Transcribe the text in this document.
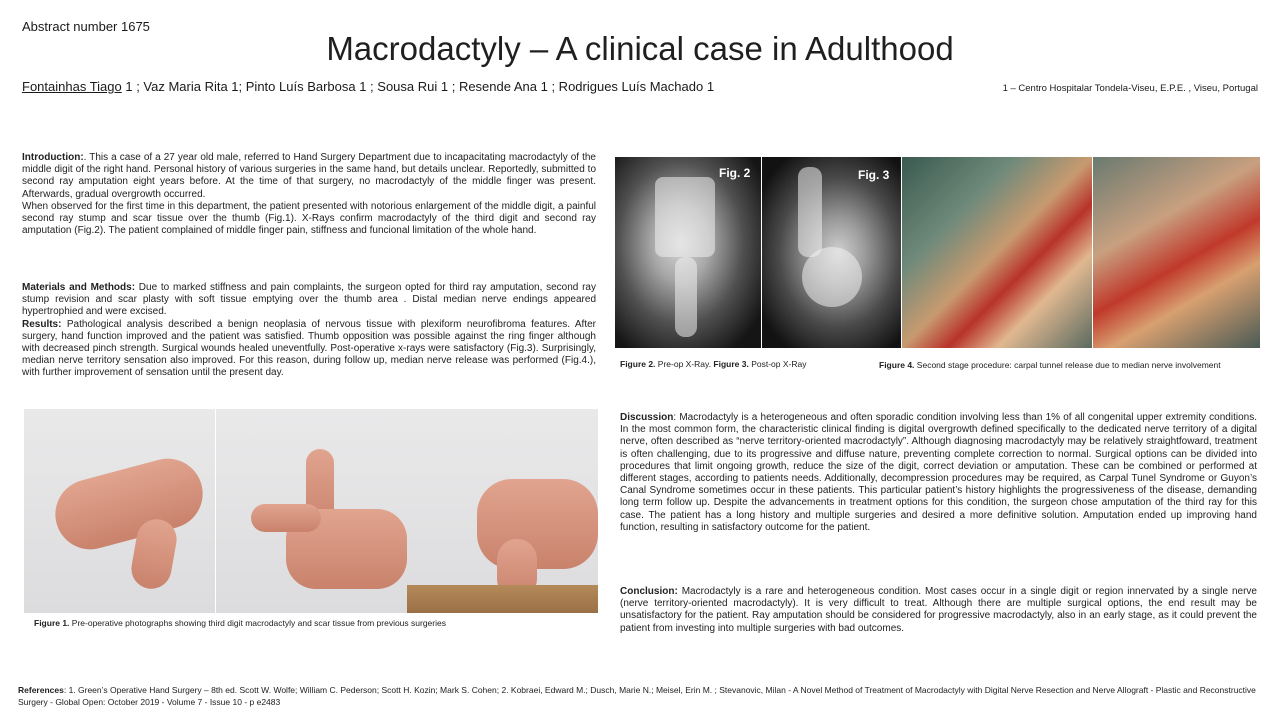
Abstract number 1675
Macrodactyly – A clinical case in Adulthood
Fontainhas Tiago 1 ; Vaz Maria Rita 1; Pinto Luís Barbosa 1 ; Sousa Rui 1 ; Resende Ana 1 ; Rodrigues Luís Machado 1	1 – Centro Hospitalar Tondela-Viseu, E.P.E. , Viseu, Portugal
Introduction:. This a case of a 27 year old male, referred to Hand Surgery Department due to incapacitating macrodactyly of the middle digit of the right hand. Personal history of various surgeries in the same hand, but details unclear. Reportedly, submitted to second ray amputation eight years before. At the time of that surgery, no macrodactyly of the middle finger was present. Afterwards, gradual overgrowth occurred.
When observed for the first time in this department, the patient presented with notorious enlargement of the middle digit, a painful second ray stump and scar tissue over the thumb (Fig.1). X-Rays confirm macrodactyly of the third digit and second ray amputation (Fig.2). The patient complained of middle finger pain, stiffness and funcional limitation of the whole hand.
Materials and Methods: Due to marked stiffness and pain complaints, the surgeon opted for third ray amputation, second ray stump revision and scar plasty with soft tissue emptying over the thumb area . Distal median nerve endings appeared hypertrophied and were excised.
Results: Pathological analysis described a benign neoplasia of nervous tissue with plexiform neurofibroma features. After surgery, hand function improved and the patient was satisfied. Thumb opposition was possible against the ring finger although with decreased pinch strength. Surgical wounds healed uneventfully. Post-operative x-rays were satisfactory (Fig.3). Surprisingly, median nerve territory sensation also improved. For this reason, during follow up, median nerve release was performed (Fig.4.), with further improvement of sensation until the present day.
Fig. 2	Fig. 3
Figure 2. Pre-op X-Ray. Figure 3. Post-op X-Ray	Figure 4. Second stage procedure: carpal tunnel release due to median nerve involvement
Figure 1. Pre-operative photographs showing third digit macrodactyly and scar tissue from previous surgeries
Discussion: Macrodactyly is a heterogeneous and often sporadic condition involving less than 1% of all congenital upper extremity conditions. In the most common form, the characteristic clinical finding is digital overgrowth defined specifically to the dedicated nerve territory of a digital nerve, often described as “nerve territory-oriented macrodactyly”. Although diagnosing macrodactyly may be relatively straightfoward, treatment is often challenging, due to its progressive and diffuse nature, preventing complete correction to normal. Surgical options can be divided into procedures that limit ongoing growth, reduce the size of the digit, correct deviation or amputation. These can be combined or performed at different stages, according to patients needs. Additionally, decompression procedures may be required, as Carpal Tunel Syndrome or Guyon’s Canal Syndrome sometimes occur in these patients. This particular patient’s history highlights the progressiveness of the disease, demanding long term follow up. Despite the advancements in treatment options for this condition, the surgeon chose amputation of the third ray for this case. The patient has a long history and multiple surgeries and desired a more definitive solution. Amputation ended up improving hand function, resulting in satisfactory outcome for the patient.
Conclusion: Macrodactyly is a rare and heterogeneous condition. Most cases occur in a single digit or region innervated by a single nerve (nerve territory-oriented macrodactyly). It is very difficult to treat. Although there are multiple surgical options, the end result may be unsatisfactory for the patient. Ray amputation should be considered for progressive macrodactyly, also in an early stage, as it could prevent the patient from investing into multiple surgeries with bad outcomes.
References: 1. Green’s Operative Hand Surgery – 8th ed. Scott W. Wolfe; William C. Pederson; Scott H. Kozin; Mark S. Cohen; 2. Kobraei, Edward M.; Dusch, Marie N.; Meisel, Erin M. ; Stevanovic, Milan - A Novel Method of Treatment of Macrodactyly with Digital Nerve Resection and Nerve Allograft - Plastic and Reconstructive Surgery - Global Open: October 2019 - Volume 7 - Issue 10 - p e2483
